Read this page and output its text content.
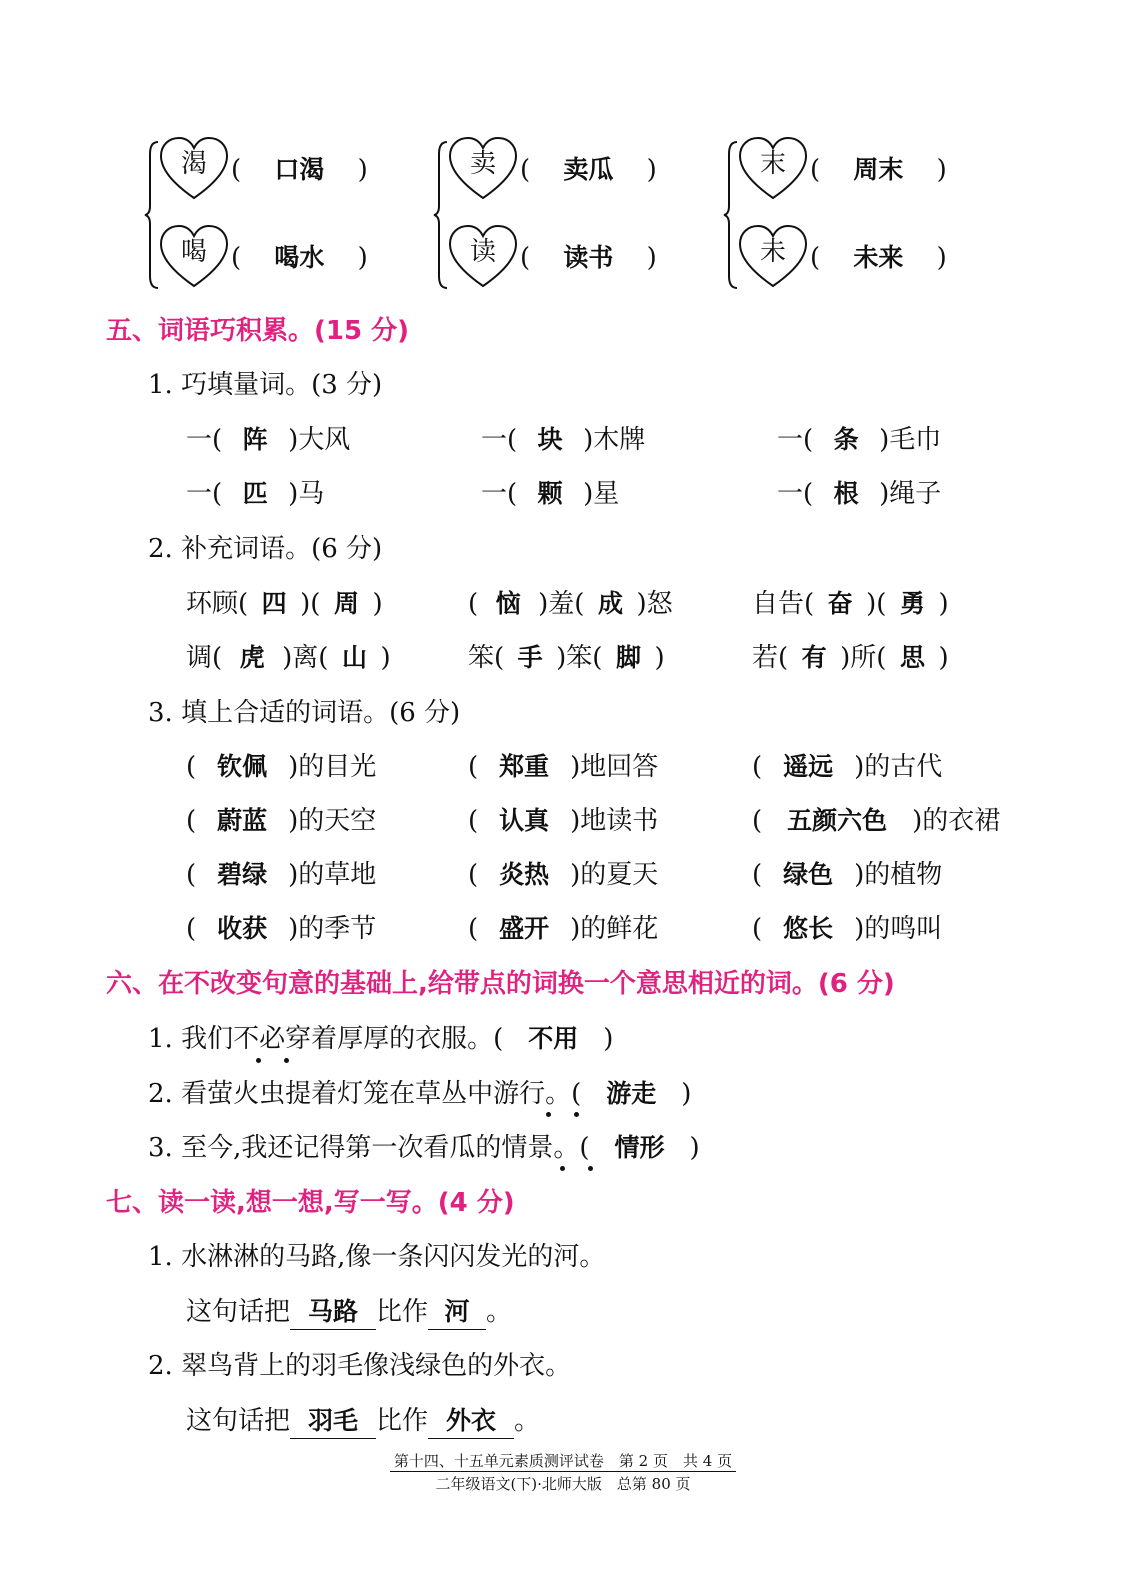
渴 ( 口渴 )
喝 ( 喝水 )
卖 ( 卖瓜 )
读 ( 读书 )
末 ( 周末 )
未 ( 未来 )
五、词语巧积累。(15 分)
1. 巧填量词。(3 分)
一( 阵 )大风	一( 块 )木牌	一( 条 )毛巾
一( 匹 )马	一( 颗 )星	一( 根 )绳子
2. 补充词语。(6 分)
环顾( 四 )( 周 )	( 恼 )羞( 成 )怒	自告( 奋 )( 勇 )
调( 虎 )离( 山 )	笨( 手 )笨( 脚 )	若( 有 )所( 思 )
3. 填上合适的词语。(6 分)
( 钦佩 )的目光	( 郑重 )地回答	( 遥远 )的古代
( 蔚蓝 )的天空	( 认真 )地读书	( 五颜六色 )的衣裙
( 碧绿 )的草地	( 炎热 )的夏天	( 绿色 )的植物
( 收获 )的季节	( 盛开 )的鲜花	( 悠长 )的鸣叫
六、在不改变句意的基础上,给带点的词换一个意思相近的词。(6 分)
1. 我们不必穿着厚厚的衣服。( 不用 )
2. 看萤火虫提着灯笼在草丛中游行。( 游走 )
3. 至今,我还记得第一次看瓜的情景。( 情形 )
七、读一读,想一想,写一写。(4 分)
1. 水淋淋的马路,像一条闪闪发光的河。
这句话把 马路 比作 河 。
2. 翠鸟背上的羽毛像浅绿色的外衣。
这句话把 羽毛 比作 外衣 。
第十四、十五单元素质测评试卷　第 2 页　共 4 页
二年级语文(下)·北师大版　总第 80 页
